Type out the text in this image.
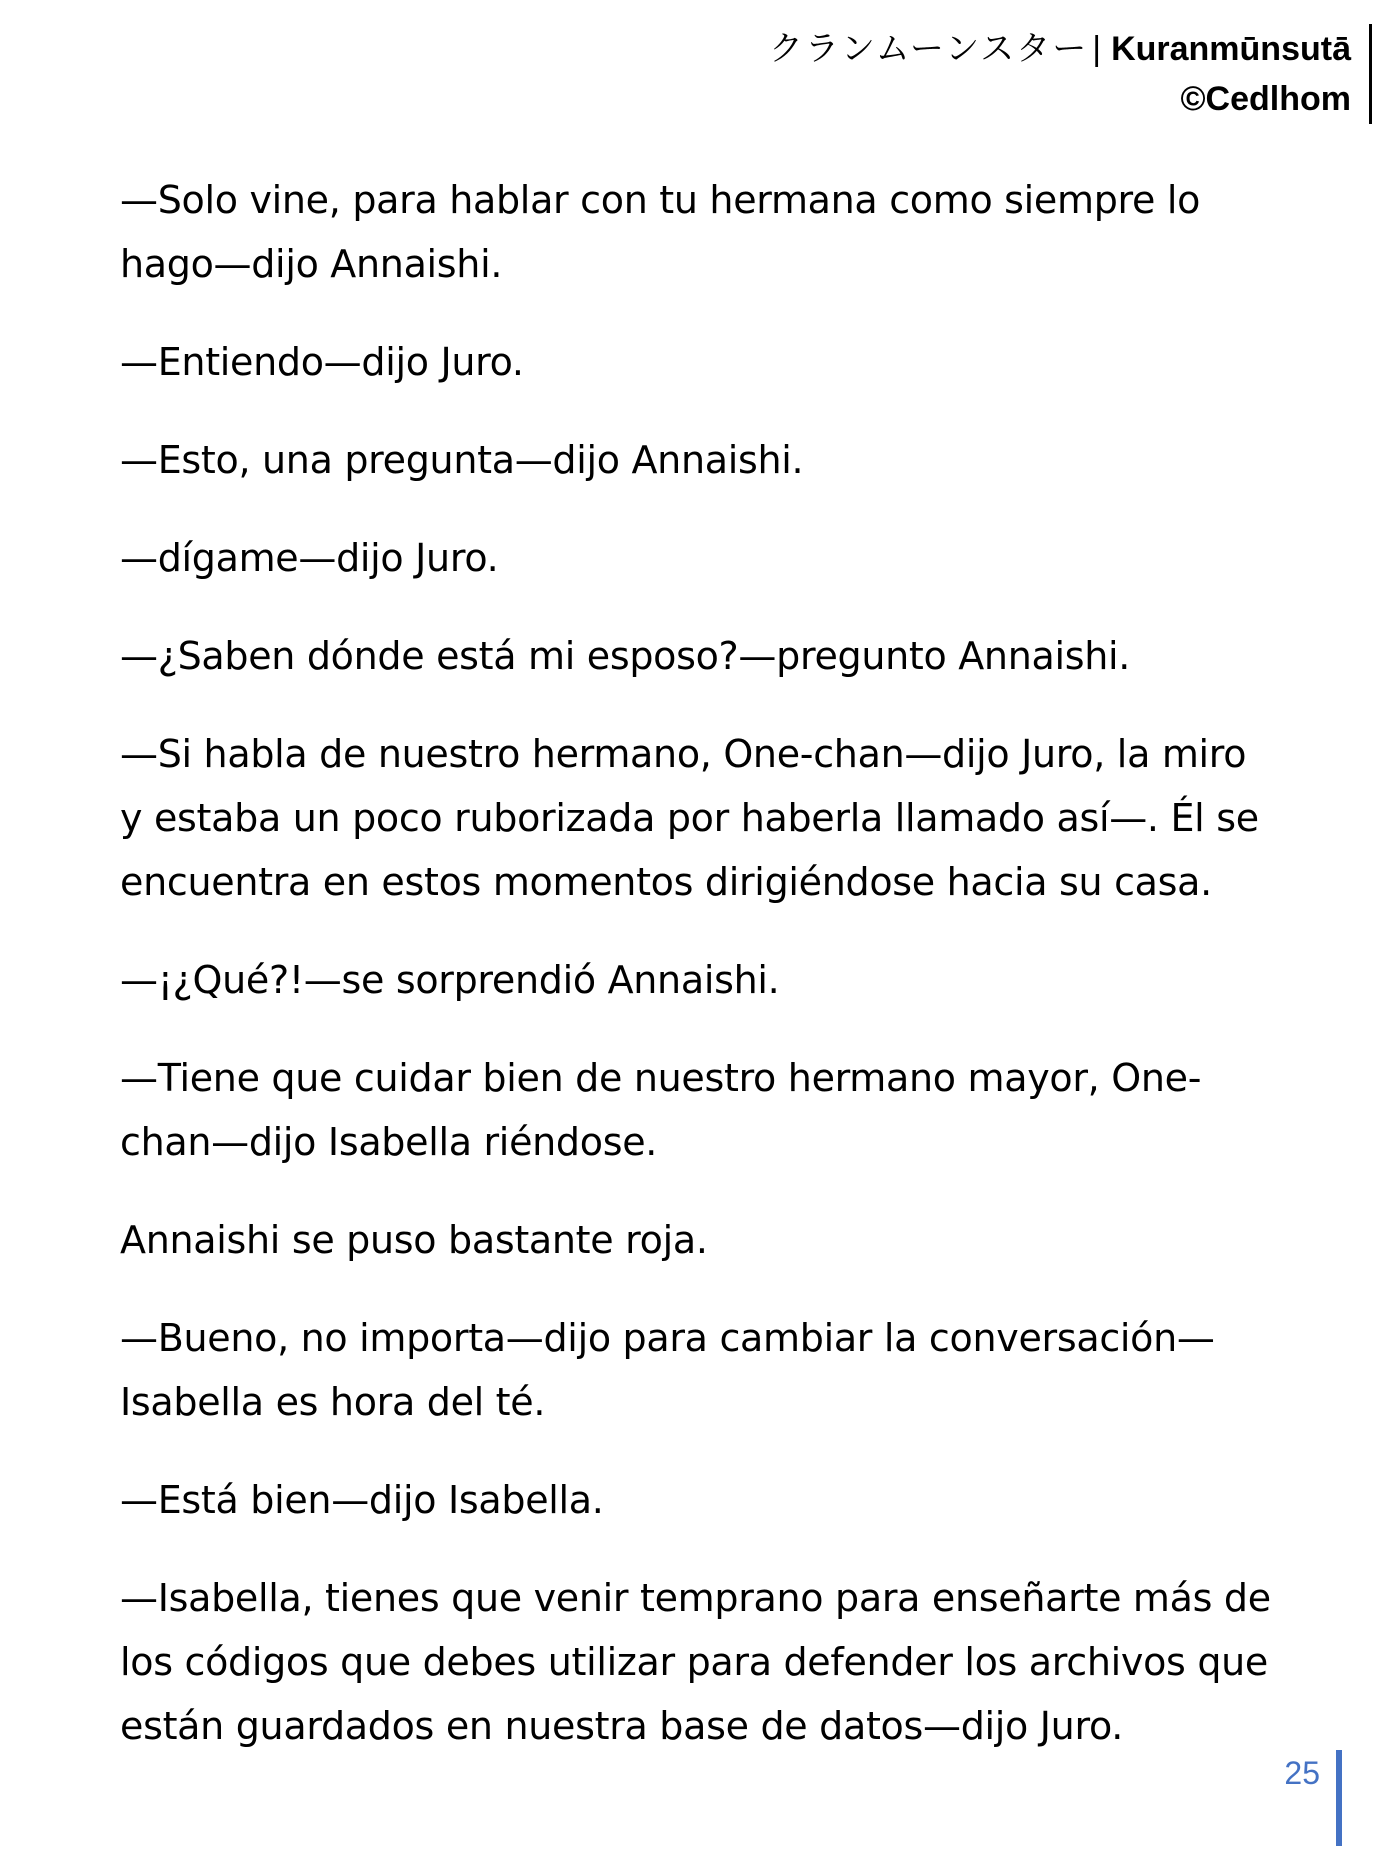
クランムーンスター | Kuranmūnsutā
©Cedlhom

—Solo vine, para hablar con tu hermana como siempre lo hago—dijo Annaishi.

—Entiendo—dijo Juro.

—Esto, una pregunta—dijo Annaishi.

—dígame—dijo Juro.

—¿Saben dónde está mi esposo?—pregunto Annaishi.

—Si habla de nuestro hermano, One-chan—dijo Juro, la miro y estaba un poco ruborizada por haberla llamado así—. Él se encuentra en estos momentos dirigiéndose hacia su casa.

—¡¿Qué?!—se sorprendió Annaishi.

—Tiene que cuidar bien de nuestro hermano mayor, One-chan—dijo Isabella riéndose.

Annaishi se puso bastante roja.

—Bueno, no importa—dijo para cambiar la conversación—Isabella es hora del té.

—Está bien—dijo Isabella.

—Isabella, tienes que venir temprano para enseñarte más de los códigos que debes utilizar para defender los archivos que están guardados en nuestra base de datos—dijo Juro.

25
